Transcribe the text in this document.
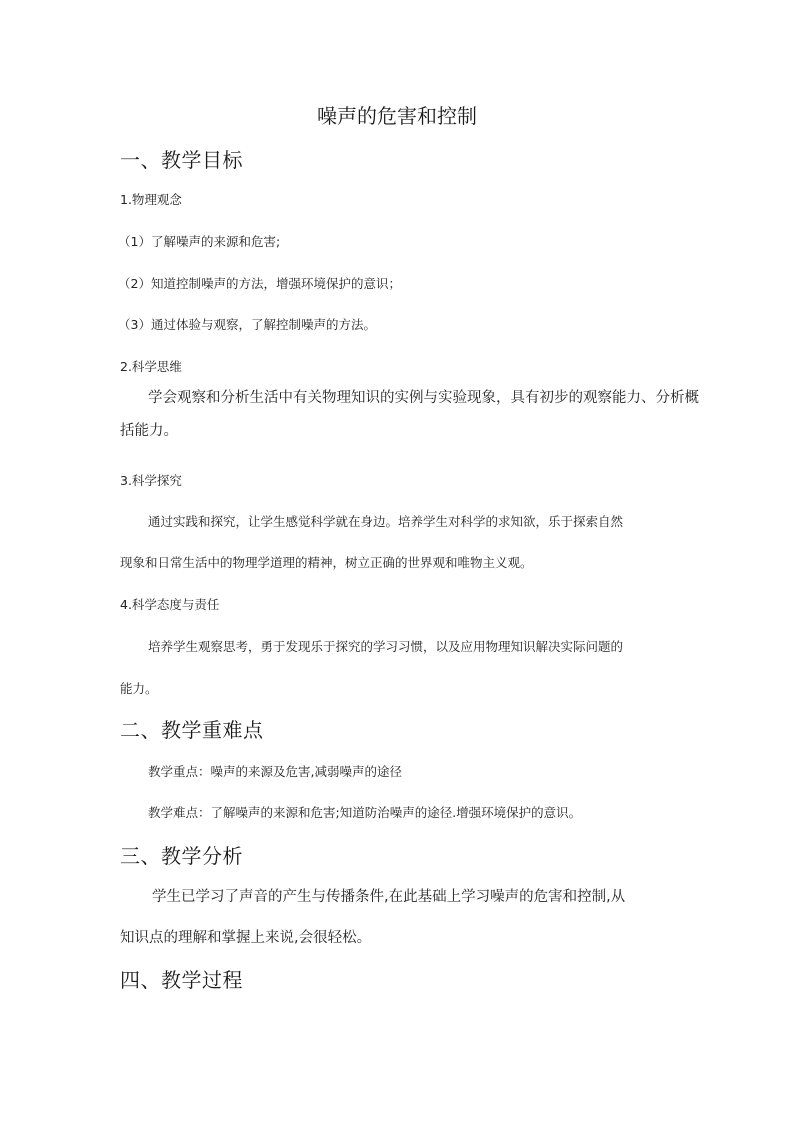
噪声的危害和控制
一、教学目标
1.物理观念
（1）了解噪声的来源和危害;
（2）知道控制噪声的方法，增强环境保护的意识；
（3）通过体验与观察，了解控制噪声的方法。
2.科学思维
学会观察和分析生活中有关物理知识的实例与实验现象，具有初步的观察能力、分析概
括能力。
3.科学探究
通过实践和探究，让学生感觉科学就在身边。培养学生对科学的求知欲，乐于探索自然
现象和日常生活中的物理学道理的精神，树立正确的世界观和唯物主义观。
4.科学态度与责任
培养学生观察思考，勇于发现乐于探究的学习习惯，以及应用物理知识解决实际问题的
能力。
二、教学重难点
教学重点：噪声的来源及危害,减弱噪声的途径
教学难点：了解噪声的来源和危害;知道防治噪声的途径.增强环境保护的意识。
三、教学分析
学生已学习了声音的产生与传播条件,在此基础上学习噪声的危害和控制,从
知识点的理解和掌握上来说,会很轻松。
四、教学过程
